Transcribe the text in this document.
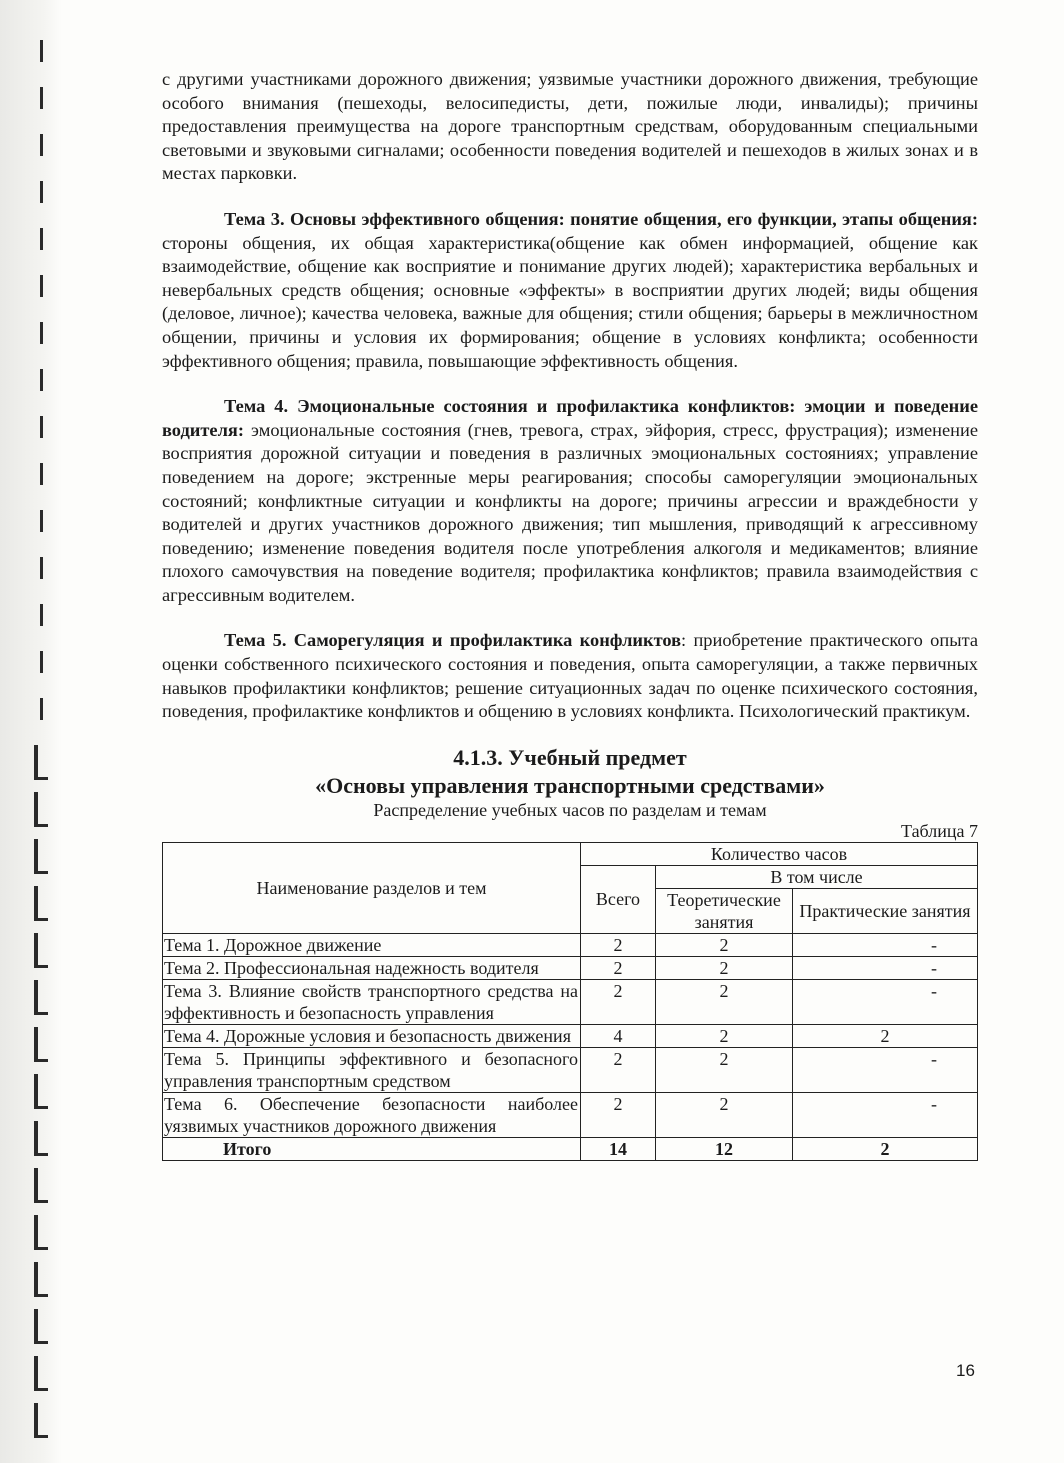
с другими участниками дорожного движения; уязвимые участники дорожного движения, требующие особого внимания (пешеходы, велосипедисты, дети, пожилые люди, инвалиды); причины предоставления преимущества на дороге транспортным средствам, оборудованным специальными световыми и звуковыми сигналами; особенности поведения водителей и пешеходов в жилых зонах и в местах парковки.

Тема 3. Основы эффективного общения: понятие общения, его функции, этапы общения: стороны общения, их общая характеристика(общение как обмен информацией, общение как взаимодействие, общение как восприятие и понимание других людей); характеристика вербальных и невербальных средств общения; основные «эффекты» в восприятии других людей; виды общения (деловое, личное); качества человека, важные для общения; стили общения; барьеры в межличностном общении, причины и условия их формирования; общение в условиях конфликта; особенности эффективного общения; правила, повышающие эффективность общения.

Тема 4. Эмоциональные состояния и профилактика конфликтов: эмоции и поведение водителя: эмоциональные состояния (гнев, тревога, страх, эйфория, стресс, фрустрация); изменение восприятия дорожной ситуации и поведения в различных эмоциональных состояниях; управление поведением на дороге; экстренные меры реагирования; способы саморегуляции эмоциональных состояний; конфликтные ситуации и конфликты на дороге; причины агрессии и враждебности у водителей и других участников дорожного движения; тип мышления, приводящий к агрессивному поведению; изменение поведения водителя после употребления алкоголя и медикаментов; влияние плохого самочувствия на поведение водителя; профилактика конфликтов; правила взаимодействия с агрессивным водителем.

Тема 5. Саморегуляция и профилактика конфликтов: приобретение практического опыта оценки собственного психического состояния и поведения, опыта саморегуляции, а также первичных навыков профилактики конфликтов; решение ситуационных задач по оценке психического состояния, поведения, профилактике конфликтов и общению в условиях конфликта. Психологический практикум.

4.1.3. Учебный предмет

«Основы управления транспортными средствами»

Распределение учебных часов по разделам и темам

Таблица 7

Наименование разделов и тем	Количество часов		
	Всего	В том числе	
		Теоретические занятия	Практические занятия
Тема 1. Дорожное движение	2	2	-
Тема 2. Профессиональная надежность водителя	2	2	-
Тема 3. Влияние свойств транспортного средства на эффективность и безопасность управления	2	2	-
Тема 4. Дорожные условия и безопасность движения	4	2	2
Тема 5. Принципы эффективного и безопасного управления транспортным средством	2	2	-
Тема 6. Обеспечение безопасности наиболее уязвимых участников дорожного движения	2	2	-
Итого	14	12	2
16
